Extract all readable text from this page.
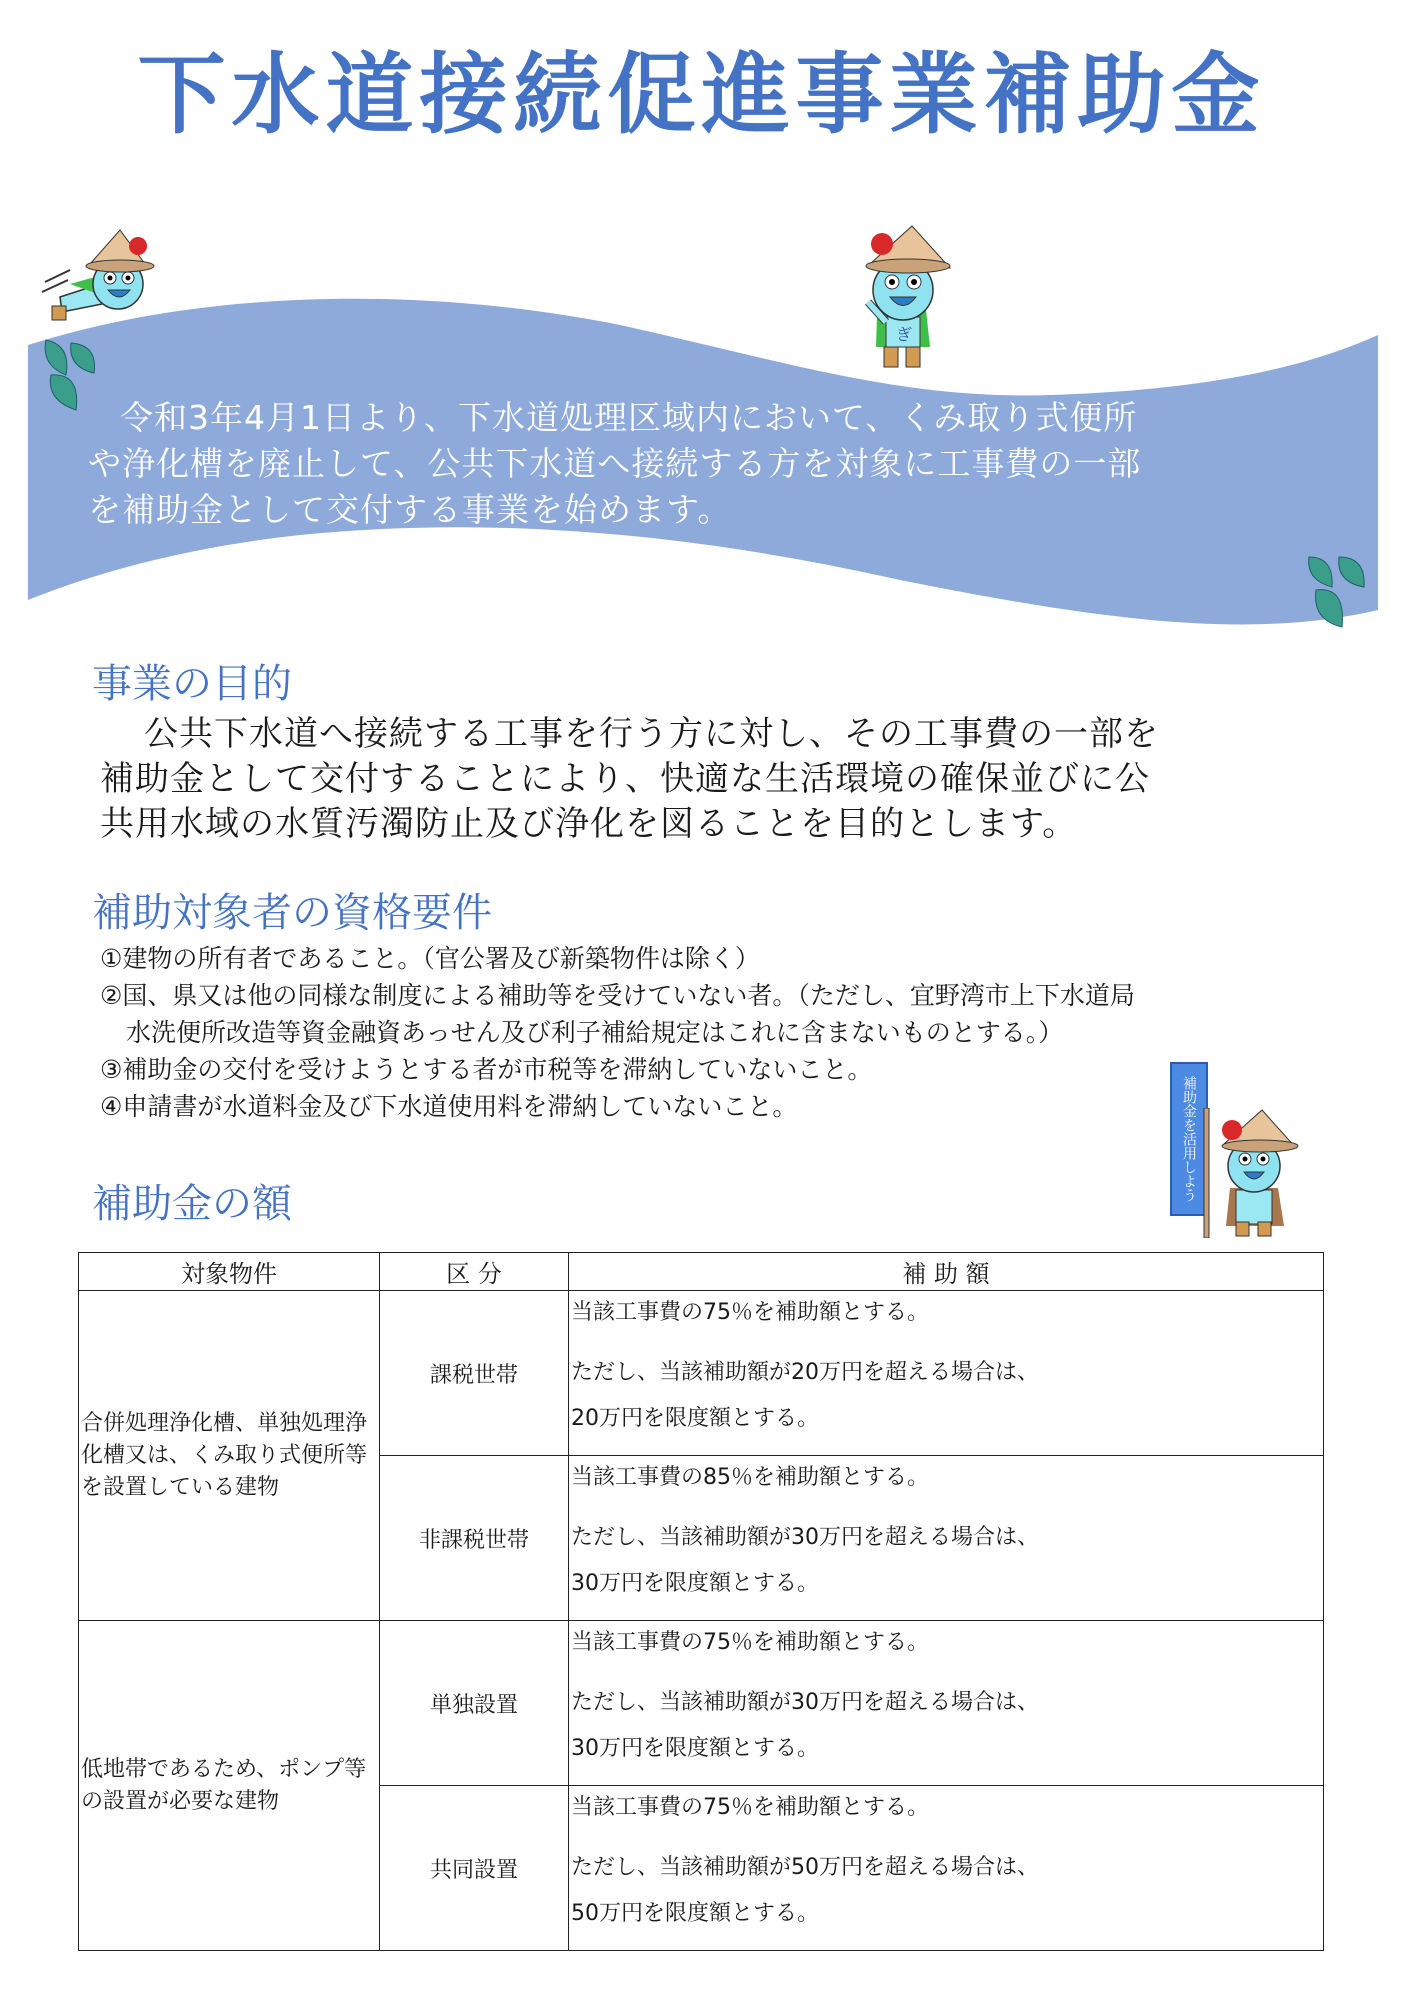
下水道接続促進事業補助金
令和3年4月1日より、下水道処理区域内において、くみ取り式便所
や浄化槽を廃止して、公共下水道へ接続する方を対象に工事費の一部
を補助金として交付する事業を始めます。
ぎ
事業の目的
公共下水道へ接続する工事を行う方に対し、その工事費の一部を
補助金として交付することにより、快適な生活環境の確保並びに公
共用水域の水質汚濁防止及び浄化を図ることを目的とします。
補助対象者の資格要件
①建物の所有者であること。（官公署及び新築物件は除く）
②国、県又は他の同様な制度による補助等を受けていない者。（ただし、宜野湾市上下水道局
水洗便所改造等資金融資あっせん及び利子補給規定はこれに含まないものとする。）
③補助金の交付を受けようとする者が市税等を滞納していないこと。
④申請書が水道料金及び下水道使用料を滞納していないこと。	補助金を活用しよう
補助金の額
対象物件	区 分	補 助 額
合併処理浄化槽、単独処理浄化槽又は、くみ取り式便所等を設置している建物	課税世帯	当該工事費の75％を補助額とする。
ただし、当該補助額が20万円を超える場合は、
20万円を限度額とする。

	非課税世帯	当該工事費の85％を補助額とする。
ただし、当該補助額が30万円を超える場合は、
30万円を限度額とする。

低地帯であるため、ポンプ等の設置が必要な建物	単独設置	当該工事費の75％を補助額とする。
ただし、当該補助額が30万円を超える場合は、
30万円を限度額とする。

	共同設置	当該工事費の75％を補助額とする。
ただし、当該補助額が50万円を超える場合は、
50万円を限度額とする。
